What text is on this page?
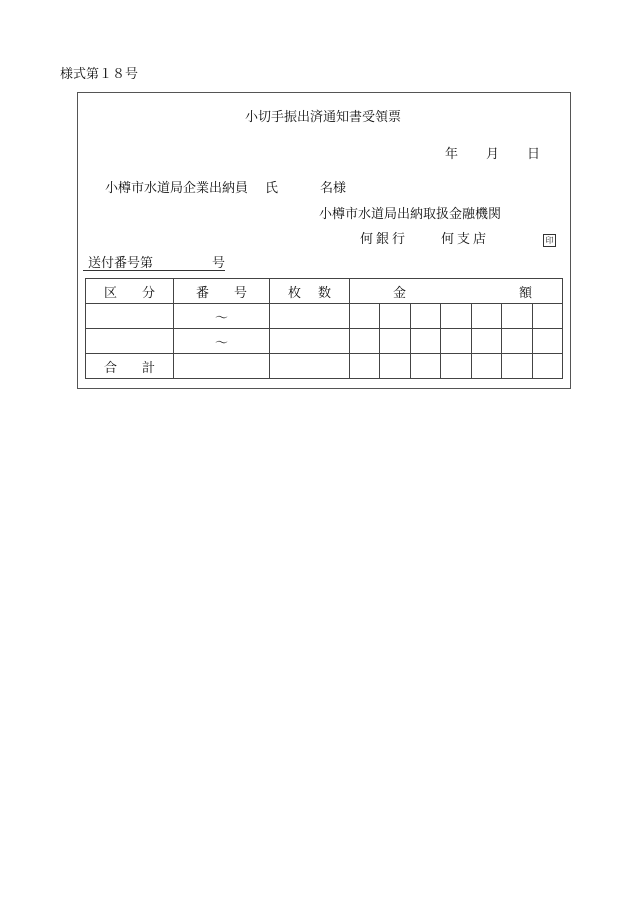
様式第１８号
小切手振出済通知書受領票
年 月 日
小樽市水道局企業出納員 氏	名様
小樽市水道局出納取扱金融機関
何銀行	何支店	印
送付番号第	号
区 分	番 号	枚 数	金 額						

	～								
	～								

合 計									
